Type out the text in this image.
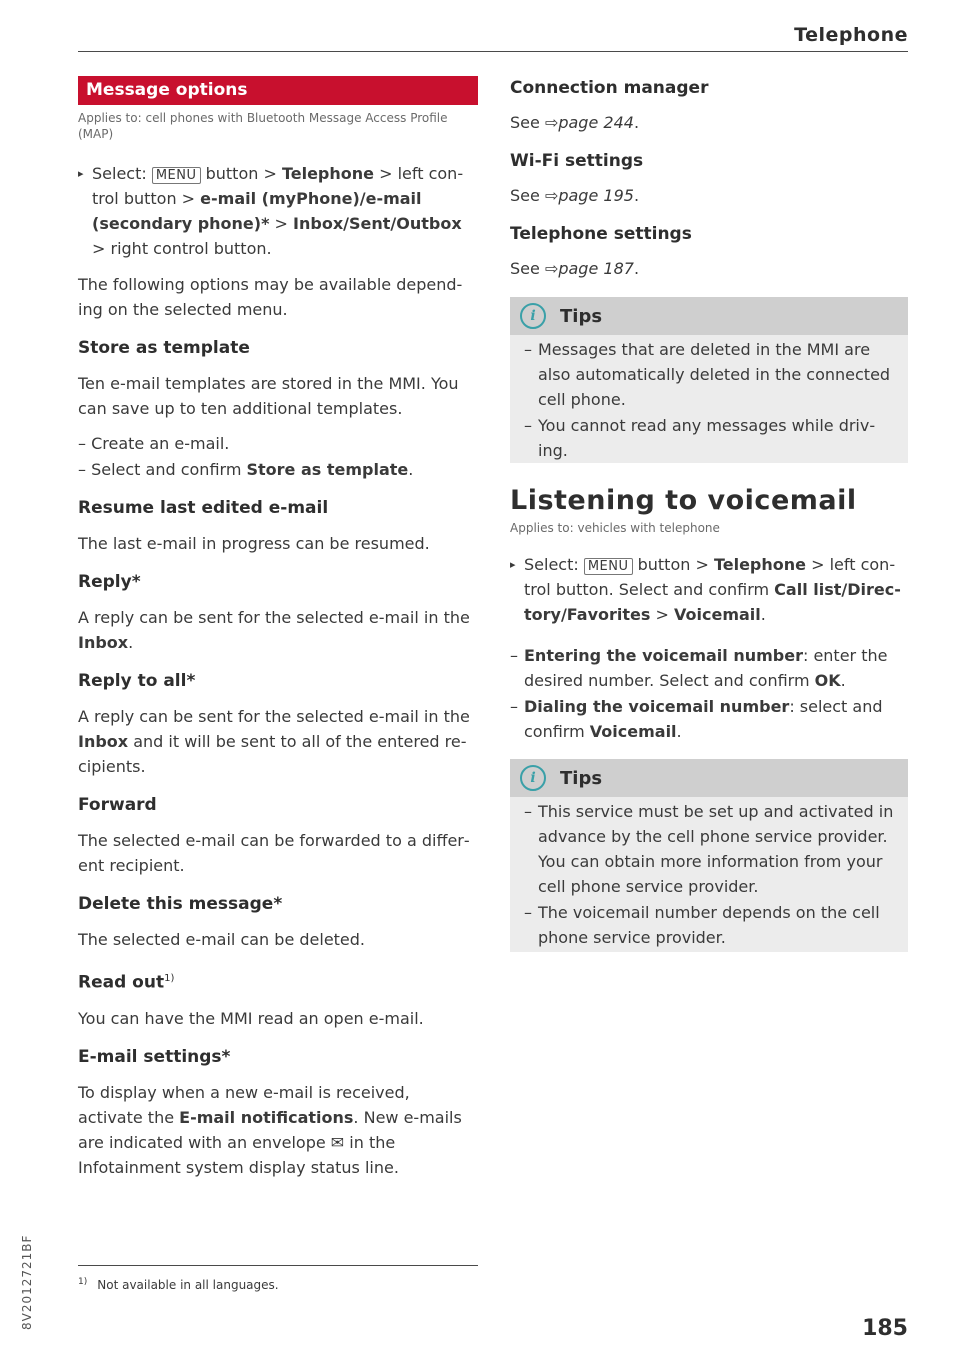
Telephone
Message options
Applies to: cell phones with Bluetooth Message Access Profile (MAP)

▸ Select: MENU button > Telephone > left control button > e-mail (myPhone)/e-mail (secondary phone)* > Inbox/Sent/Outbox > right control button.

The following options may be available depending on the selected menu.

Store as template

Ten e-mail templates are stored in the MMI. You can save up to ten additional templates.

– Create an e-mail.

– Select and confirm Store as template.

Resume last edited e-mail

The last e-mail in progress can be resumed.

Reply*

A reply can be sent for the selected e-mail in the Inbox.

Reply to all*

A reply can be sent for the selected e-mail in the Inbox and it will be sent to all of the entered recipients.

Forward

The selected e-mail can be forwarded to a different recipient.

Delete this message*

The selected e-mail can be deleted.

Read out$^{1)}$

You can have the MMI read an open e-mail.

E-mail settings*

To display when a new e-mail is received, activate the E-mail notifications. New e-mails are indicated with an envelope ✉ in the Infotainment system display status line.

Connection manager

See ⇨page 244.

Wi-Fi settings

See ⇨page 195.

Telephone settings

See ⇨page 187.

i	Tips

– Messages that are deleted in the MMI are also automatically deleted in the connected cell phone.

– You cannot read any messages while driving.

Listening to voicemail
Applies to: vehicles with telephone

▸ Select: MENU button > Telephone > left control button. Select and confirm Call list/Directory/Favorites > Voicemail.

– Entering the voicemail number: enter the desired number. Select and confirm OK.

– Dialing the voicemail number: select and confirm Voicemail.

i	Tips

– This service must be set up and activated in advance by the cell phone service provider. You can obtain more information from your cell phone service provider.

– The voicemail number depends on the cell phone service provider.

$^{1)}$ Not available in all languages.
185
8V2012721BF
